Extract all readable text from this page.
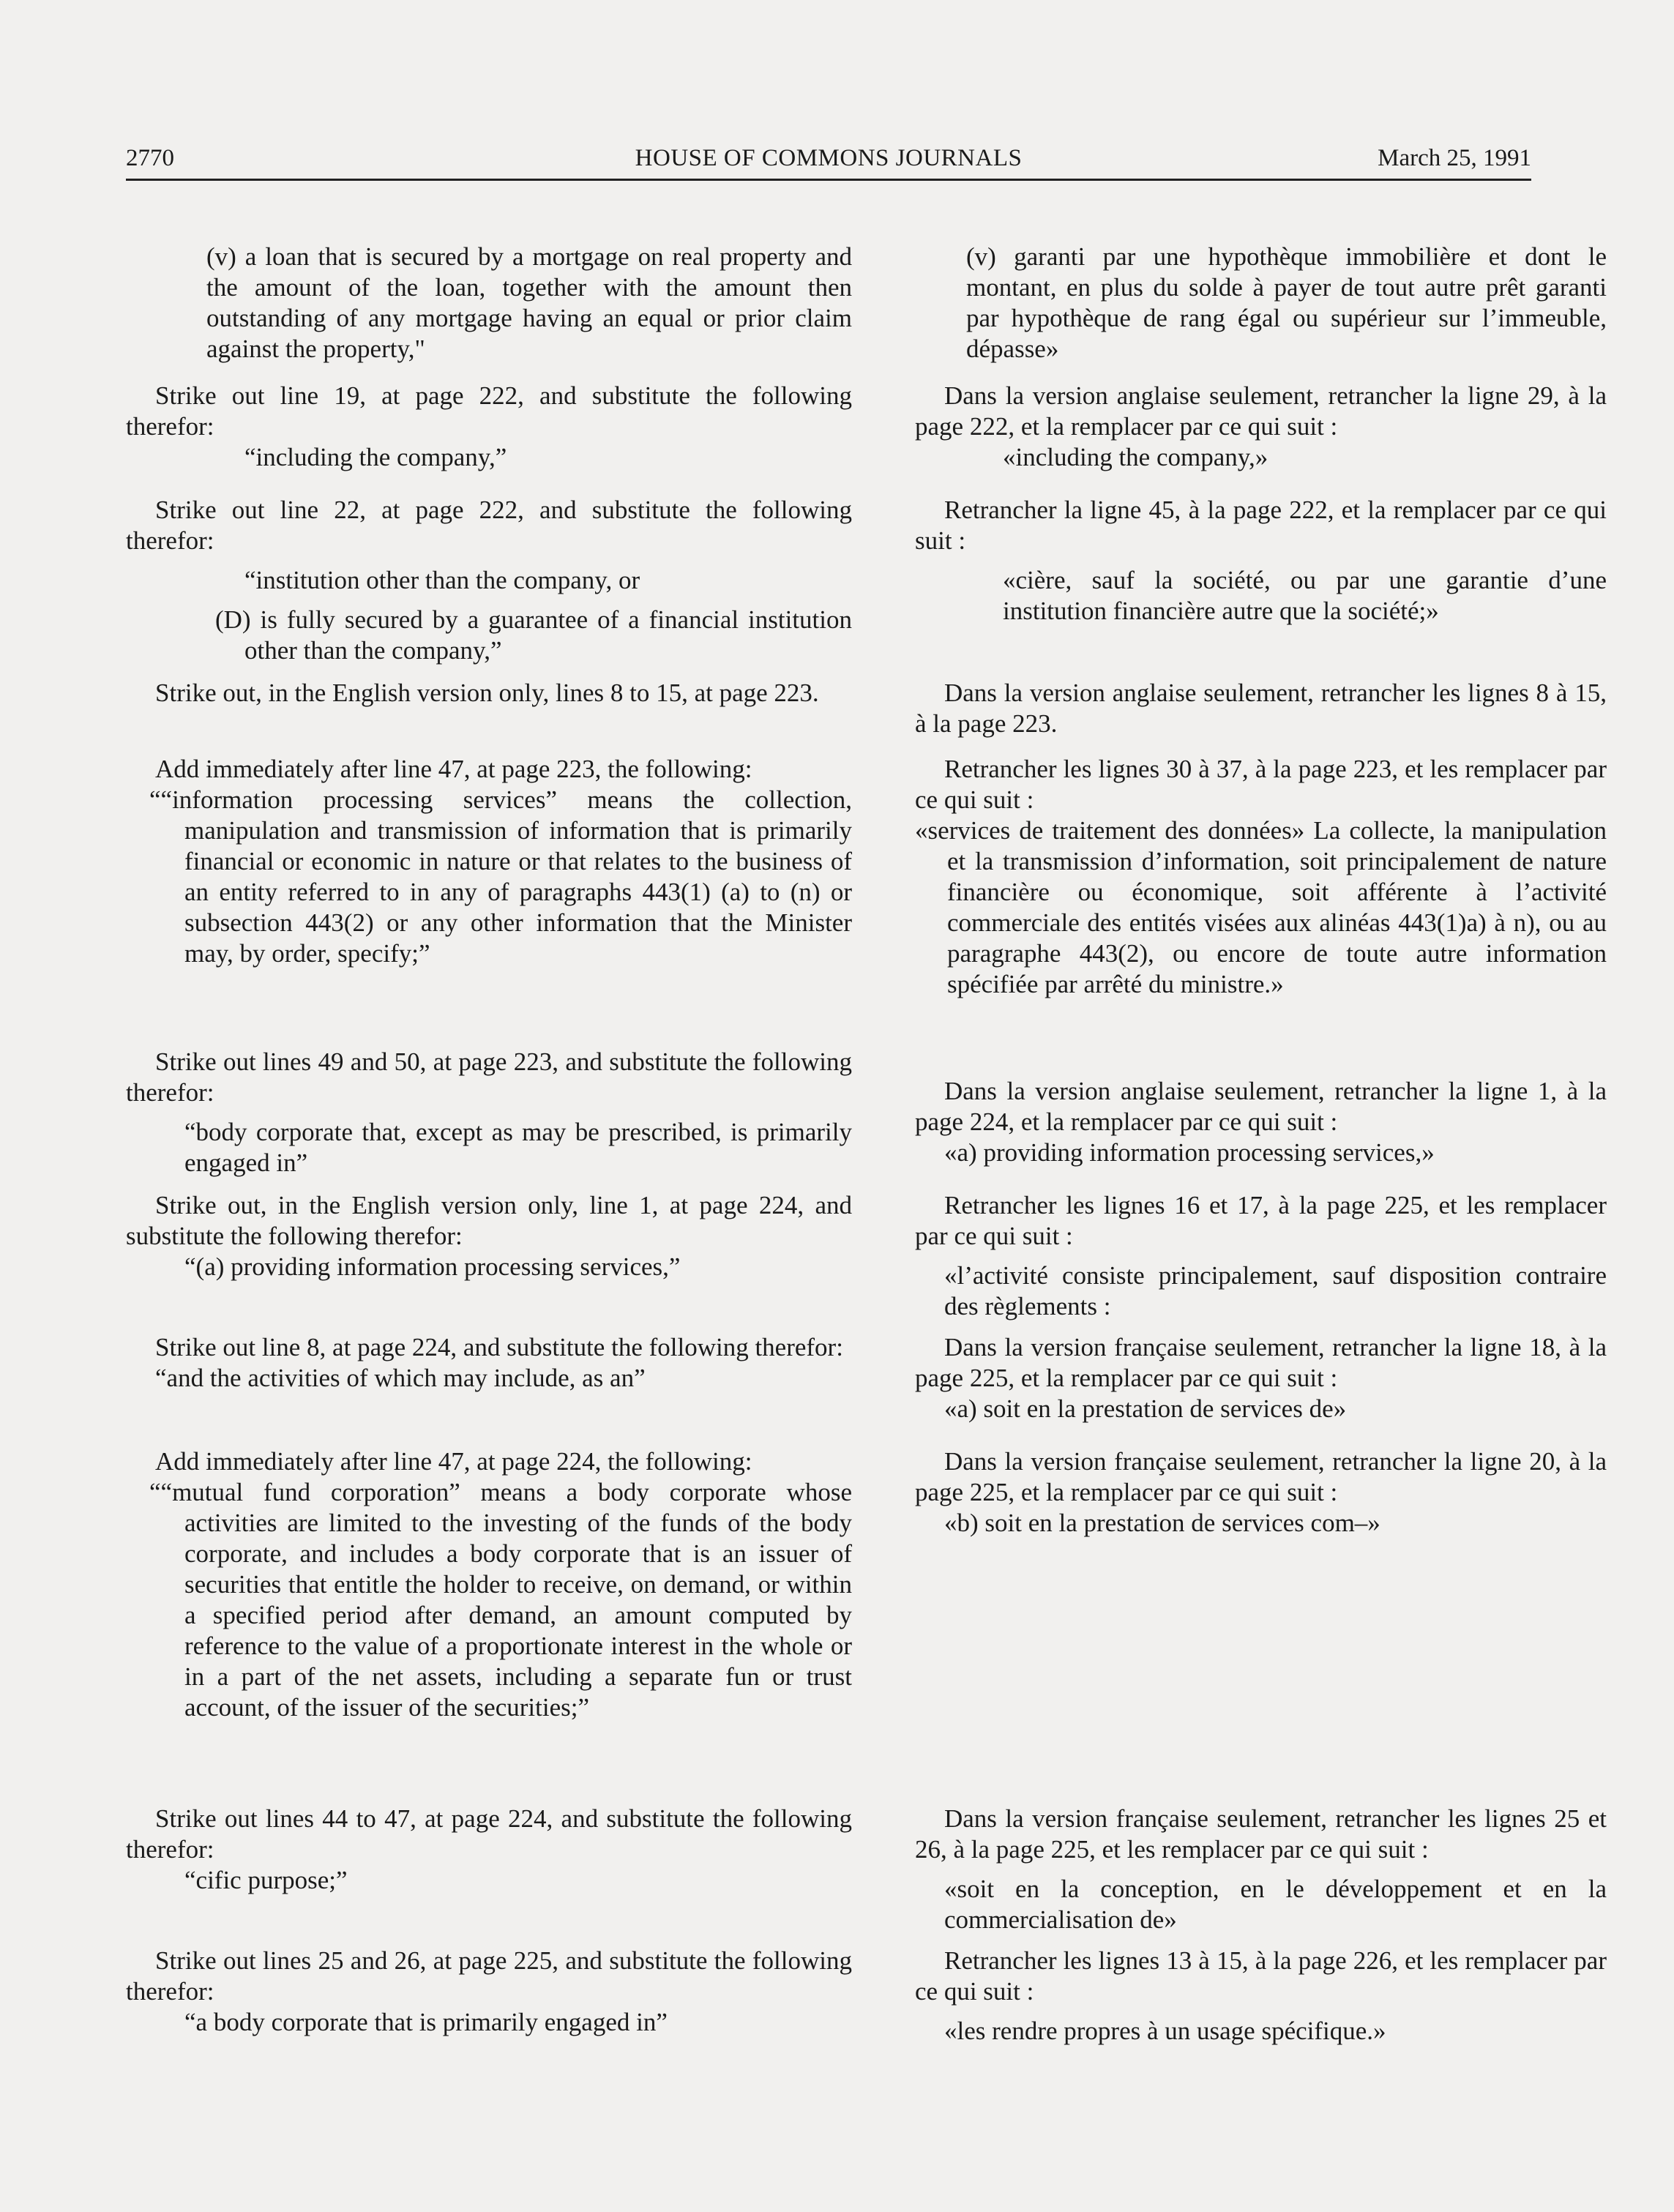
2770	HOUSE OF COMMONS JOURNALS	March 25, 1991

(v) a loan that is secured by a mortgage on real property and the amount of the loan, together with the amount then outstanding of any mortgage having an equal or prior claim against the property,"

Strike out line 19, at page 222, and substitute the following therefor:

“including the company,”

Strike out line 22, at page 222, and substitute the following therefor:

“institution other than the company, or

(D) is fully secured by a guarantee of a financial institution other than the company,”

Strike out, in the English version only, lines 8 to 15, at page 223.

Add immediately after line 47, at page 223, the following:

““information processing services” means the collection, manipulation and transmission of information that is primarily financial or economic in nature or that relates to the business of an entity referred to in any of paragraphs 443(1) (a) to (n) or subsection 443(2) or any other information that the Minister may, by order, specify;”

Strike out lines 49 and 50, at page 223, and substitute the following therefor:

“body corporate that, except as may be prescribed, is primarily engaged in”

Strike out, in the English version only, line 1, at page 224, and substitute the following therefor:

“(a) providing information processing services,”

Strike out line 8, at page 224, and substitute the following therefor:

“and the activities of which may include, as an”

Add immediately after line 47, at page 224, the following:

““mutual fund corporation” means a body corporate whose activities are limited to the investing of the funds of the body corporate, and includes a body corporate that is an issuer of securities that entitle the holder to receive, on demand, or within a specified period after demand, an amount computed by reference to the value of a proportionate interest in the whole or in a part of the net assets, including a separate fun or trust account, of the issuer of the securities;”

Strike out lines 44 to 47, at page 224, and substitute the following therefor:

“cific purpose;”

Strike out lines 25 and 26, at page 225, and substitute the following therefor:

“a body corporate that is primarily engaged in”

(v) garanti par une hypothèque immobilière et dont le montant, en plus du solde à payer de tout autre prêt garanti par hypothèque de rang égal ou supérieur sur l’immeuble, dépasse»

Dans la version anglaise seulement, retrancher la ligne 29, à la page 222, et la remplacer par ce qui suit :

«including the company,»

Retrancher la ligne 45, à la page 222, et la remplacer par ce qui suit :

«cière, sauf la société, ou par une garantie d’une institution financière autre que la société;»

Dans la version anglaise seulement, retrancher les lignes 8 à 15, à la page 223.

Retrancher les lignes 30 à 37, à la page 223, et les remplacer par ce qui suit :

«services de traitement des données» La collecte, la manipulation et la transmission d’information, soit principalement de nature financière ou économique, soit afférente à l’activité commerciale des entités visées aux alinéas 443(1)a) à n), ou au paragraphe 443(2), ou encore de toute autre information spécifiée par arrêté du ministre.»

Dans la version anglaise seulement, retrancher la ligne 1, à la page 224, et la remplacer par ce qui suit :

«a) providing information processing services,»

Retrancher les lignes 16 et 17, à la page 225, et les remplacer par ce qui suit :

«l’activité consiste principalement, sauf disposition contraire des règlements :

Dans la version française seulement, retrancher la ligne 18, à la page 225, et la remplacer par ce qui suit :

«a) soit en la prestation de services de»

Dans la version française seulement, retrancher la ligne 20, à la page 225, et la remplacer par ce qui suit :

«b) soit en la prestation de services com–»

Dans la version française seulement, retrancher les lignes 25 et 26, à la page 225, et les remplacer par ce qui suit :

«soit en la conception, en le développement et en la commercialisation de»

Retrancher les lignes 13 à 15, à la page 226, et les remplacer par ce qui suit :

«les rendre propres à un usage spécifique.»
